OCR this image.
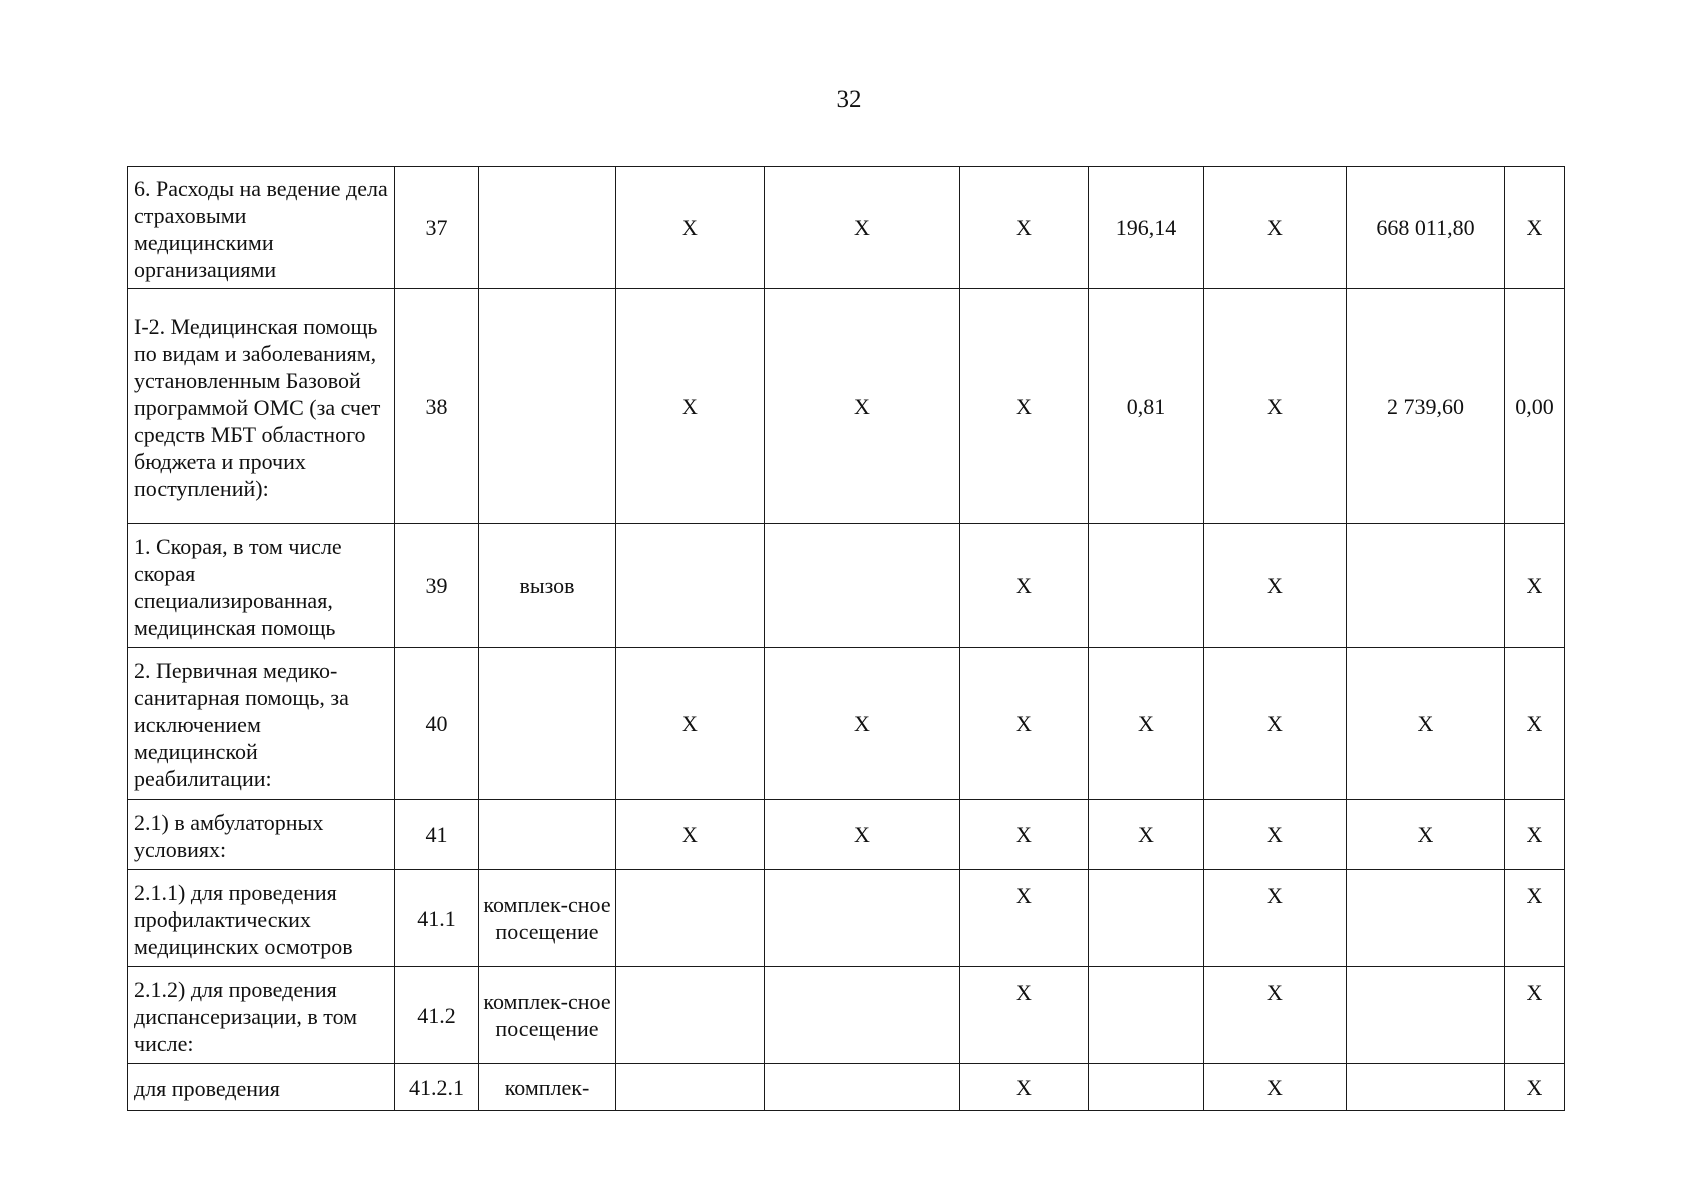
32
6. Расходы на ведение дела страховыми медицинскими организациями	37		Х	Х	Х	196,14	Х	668 011,80	Х
I-2. Медицинская помощь по видам и заболеваниям, установленным Базовой программой ОМС (за счет средств МБТ областного бюджета и прочих поступлений):	38		Х	Х	Х	0,81	Х	2 739,60	0,00
1. Скорая, в том числе скорая специализированная, медицинская помощь	39	вызов			Х		Х		Х
2. Первичная медико-санитарная помощь, за исключением медицинской реабилитации:	40		Х	Х	Х	Х	Х	Х	Х
2.1) в амбулаторных условиях:	41		Х	Х	Х	Х	Х	Х	Х
2.1.1) для проведения профилактических медицинских осмотров	41.1	комплек-сное посещение			Х		Х		Х
2.1.2) для проведения диспансеризации, в том числе:	41.2	комплек-сное посещение			Х		Х		Х
для проведения	41.2.1	комплек-			Х		Х		Х
